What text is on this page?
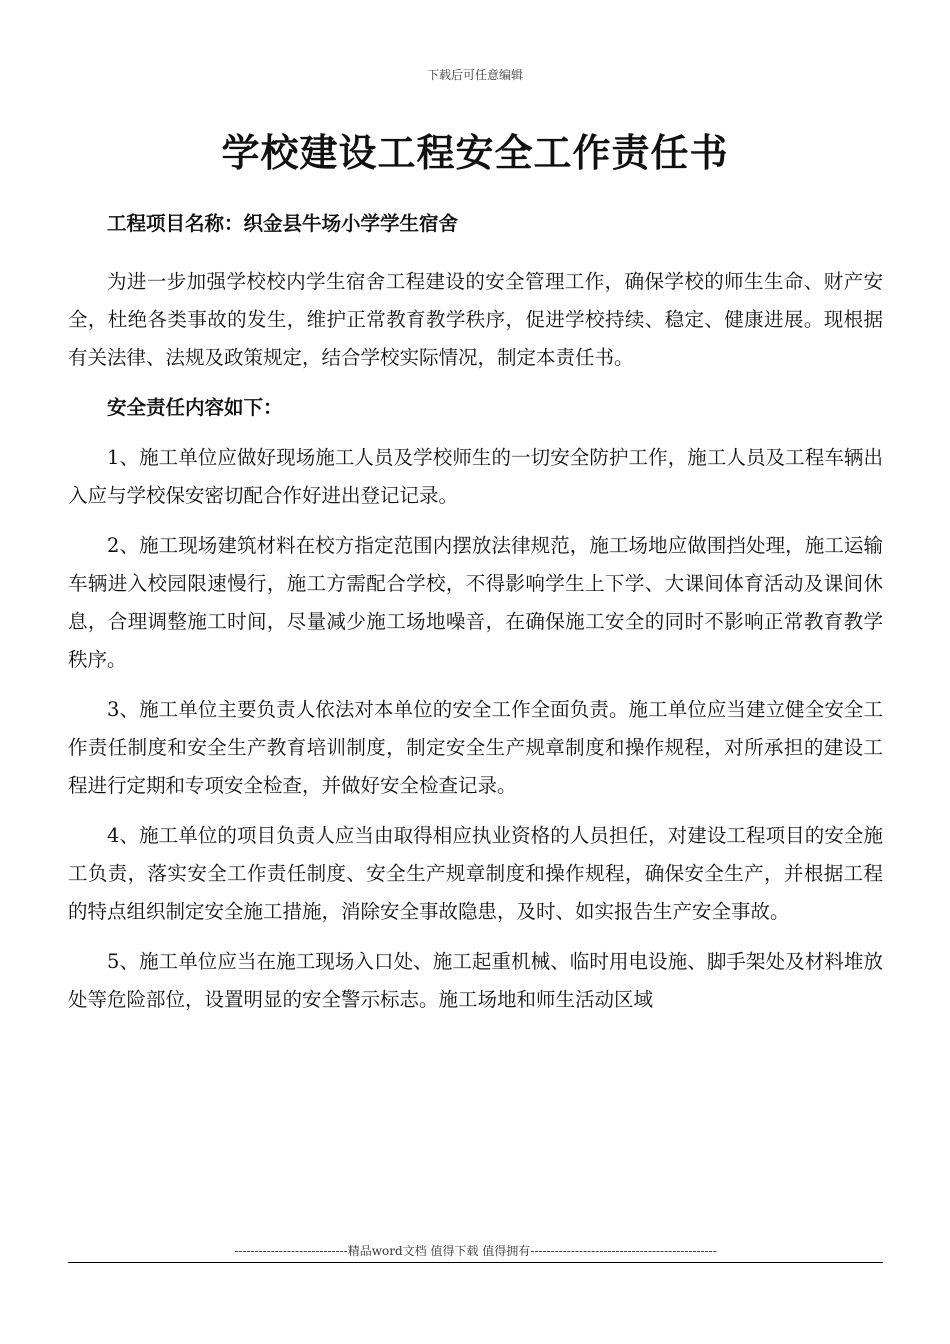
下载后可任意编辑
学校建设工程安全工作责任书

工程项目名称：织金县牛场小学学生宿舍

为进一步加强学校校内学生宿舍工程建设的安全管理工作，确保学校的师生生命、财产安全，杜绝各类事故的发生，维护正常教育教学秩序，促进学校持续、稳定、健康进展。现根据有关法律、法规及政策规定，结合学校实际情况，制定本责任书。

安全责任内容如下：

1、施工单位应做好现场施工人员及学校师生的一切安全防护工作，施工人员及工程车辆出入应与学校保安密切配合作好进出登记记录。

2、施工现场建筑材料在校方指定范围内摆放法律规范，施工场地应做围挡处理，施工运输车辆进入校园限速慢行，施工方需配合学校，不得影响学生上下学、大课间体育活动及课间休息，合理调整施工时间，尽量减少施工场地噪音，在确保施工安全的同时不影响正常教育教学秩序。

3、施工单位主要负责人依法对本单位的安全工作全面负责。施工单位应当建立健全安全工作责任制度和安全生产教育培训制度，制定安全生产规章制度和操作规程，对所承担的建设工程进行定期和专项安全检查，并做好安全检查记录。

4、施工单位的项目负责人应当由取得相应执业资格的人员担任，对建设工程项目的安全施工负责，落实安全工作责任制度、安全生产规章制度和操作规程，确保安全生产，并根据工程的特点组织制定安全施工措施，消除安全事故隐患，及时、如实报告生产安全事故。

5、施工单位应当在施工现场入口处、施工起重机械、临时用电设施、脚手架处及材料堆放处等危险部位，设置明显的安全警示标志。施工场地和师生活动区域

----------------------------精品word文档 值得下载 值得拥有----------------------------------------------
